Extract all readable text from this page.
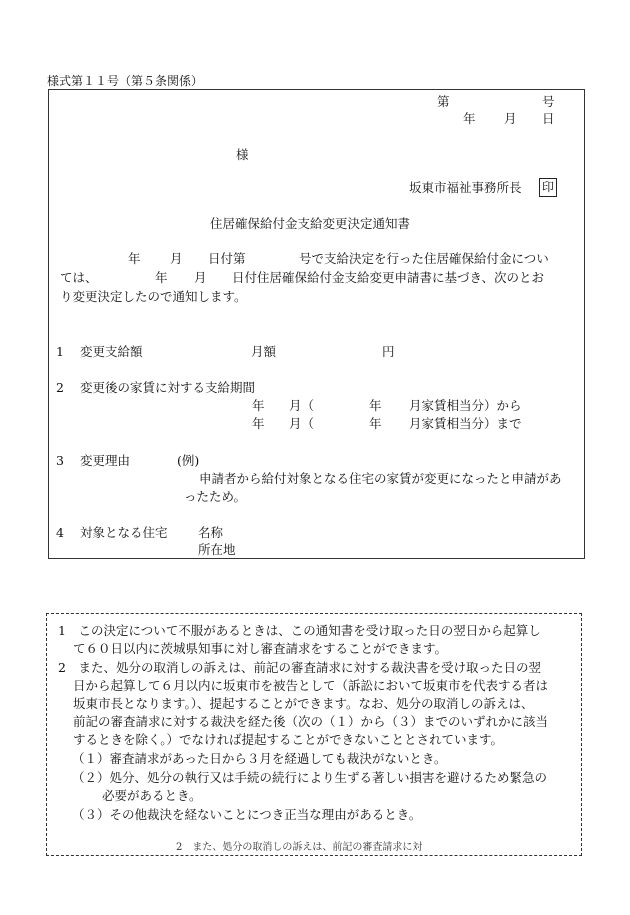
様式第１１号（第５条関係）
第	号
年 月 日
様
坂東市福祉事務所長 印
住居確保給付金支給変更決定通知書
年 月 日付第	号で支給決定を行った住居確保給付金につい
ては、	年 月 日付住居確保給付金支給変更申請書に基づき、次のとお
り変更決定したので通知します。
1 変更支給額	月額	円
2 変更後の家賃に対する支給期間
年 月（	年 月家賃相当分）から
年 月（	年 月家賃相当分）まで
3 変更理由	(例)
申請者から給付対象となる住宅の家賃が変更になったと申請があ
ったため。
4 対象となる住宅 名称
所在地
1　この決定について不服があるときは、この通知書を受け取った日の翌日から起算し
て６０日以内に茨城県知事に対し審査請求をすることができます。
2　また、処分の取消しの訴えは、前記の審査請求に対する裁決書を受け取った日の翌
日から起算して６月以内に坂東市を被告として（訴訟において坂東市を代表する者は
坂東市長となります。）、提起することができます。なお、処分の取消しの訴えは、
前記の審査請求に対する裁決を経た後（次の（１）から（３）までのいずれかに該当
するときを除く。）でなければ提起することができないこととされています。
（１）審査請求があった日から３月を経過しても裁決がないとき。
（２）処分、処分の執行又は手続の続行により生ずる著しい損害を避けるため緊急の
必要があるとき。
（３）その他裁決を経ないことにつき正当な理由があるとき。
2　また、処分の取消しの訴えは、前記の審査請求に対
